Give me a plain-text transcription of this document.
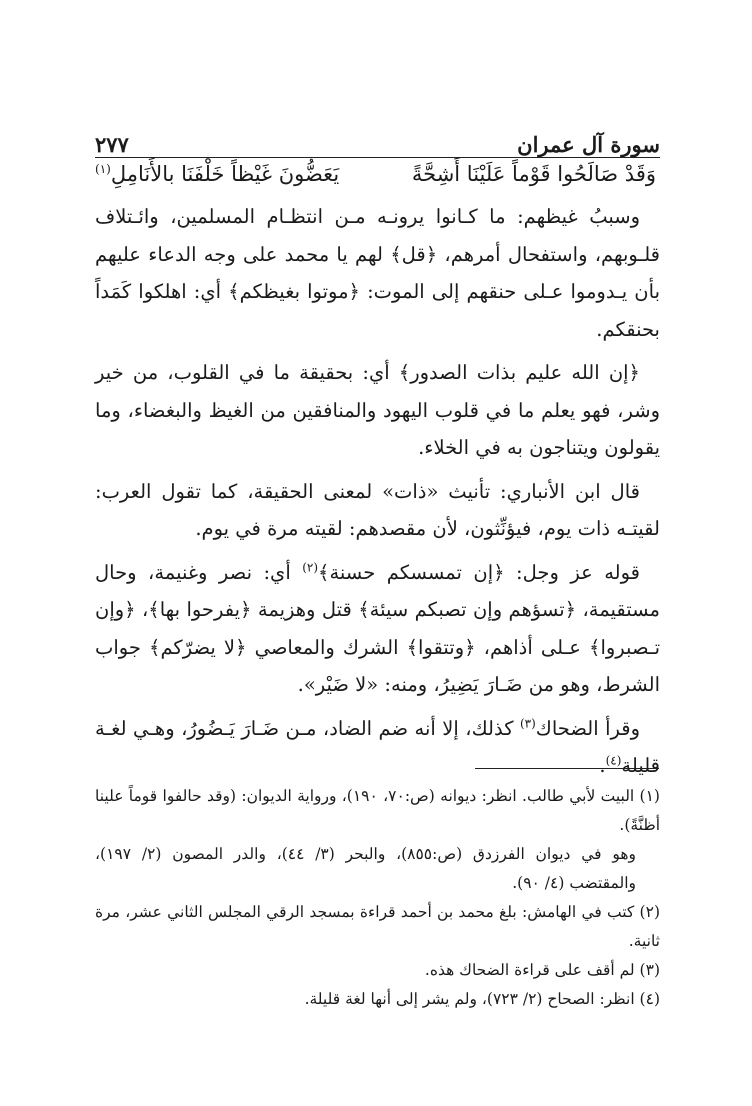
سورة آل عمران
٢٧٧
وَقَدْ صَالَحُوا قَوْماً عَلَيْنَا أَشِحَّةً
يَعَضُّونَ غَيْظاً خَلْفَنَا بالأَنَامِلِ$^{(١)}$

وسببُ غيظهم: ما كـانوا يرونـه مـن انتظـام المسلمين، وائـتلاف قلـوبهم، واستفحال أمرهم، ﴿قل﴾ لهم يا محمد على وجه الدعاء عليهم بأن يـدوموا عـلى حنقهم إلى الموت: ﴿موتوا بغيظكم﴾ أي: اهلكوا كَمَداً بحنقكم.

﴿إن الله عليم بذات الصدور﴾ أي: بحقيقة ما في القلوب، من خير وشر، فهو يعلم ما في قلوب اليهود والمنافقين من الغيظ والبغضاء، وما يقولون ويتناجون به في الخلاء.

قال ابن الأنباري: تأنيث «ذات» لمعنى الحقيقة، كما تقول العرب: لقيتـه ذات يوم، فيؤنِّثون، لأن مقصدهم: لقيته مرة في يوم.

قوله عز وجل: ﴿إن تمسسكم حسنة﴾$^{(٢)}$ أي: نصر وغنيمة، وحال مستقيمة، ﴿تسؤهم وإن تصبكم سيئة﴾ قتل وهزيمة ﴿يفرحوا بها﴾، ﴿وإن تـصبروا﴾ عـلى أذاهم، ﴿وتتقوا﴾ الشرك والمعاصي ﴿لا يضرّكم﴾ جواب الشرط، وهو من ضَـارَ يَضِيرُ، ومنه: «لا ضَيْر».

وقرأ الضحاك$^{(٣)}$ كذلك، إلا أنه ضم الضاد، مـن ضَـارَ يَـضُورُ، وهـي لغـة قليلة$^{(٤)}$.

(١) البيت لأبي طالب. انظر: ديوانه (ص:٧٠، ١٩٠)، ورواية الديوان: (وقد حالفوا قوماً علينا أظنَّةً).

وهو في ديوان الفرزدق (ص:٨٥٥)، والبحر (٣/ ٤٤)، والدر المصون (٢/ ١٩٧)، والمقتضب (٤/ ٩٠).

(٢) كتب في الهامش: بلغ محمد بن أحمد قراءة بمسجد الرقي المجلس الثاني عشر، مرة ثانية.

(٣) لم أقف على قراءة الضحاك هذه.

(٤) انظر: الصحاح (٢/ ٧٢٣)، ولم يشر إلى أنها لغة قليلة.
